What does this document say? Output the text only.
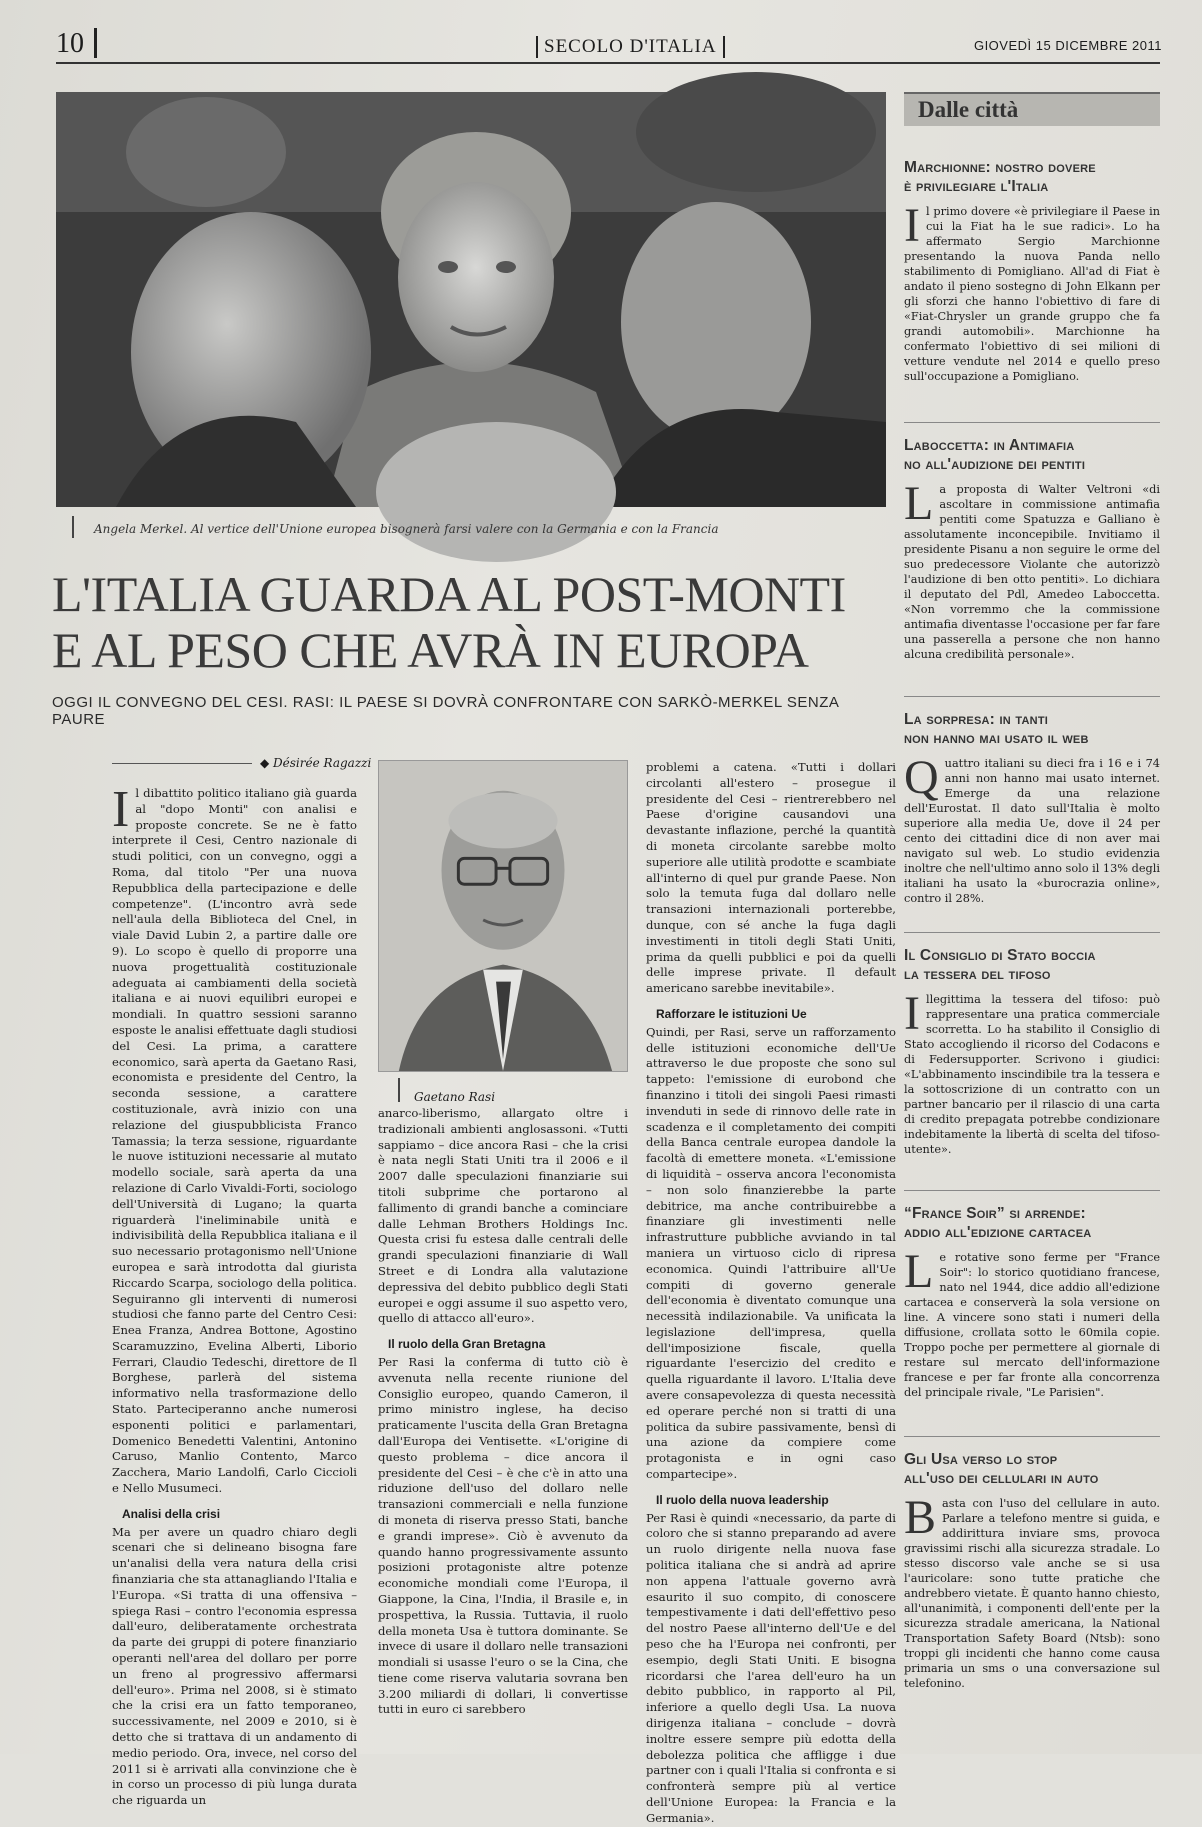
10	SECOLO D'ITALIA	GIOVEDÌ 15 DICEMBRE 2011
Angela Merkel. Al vertice dell'Unione europea bisognerà farsi valere con la Germania e con la Francia
L'ITALIA GUARDA AL POST-MONTI
E AL PESO CHE AVRÀ IN EUROPA
OGGI IL CONVEGNO DEL CESI. RASI: IL PAESE SI DOVRÀ CONFRONTARE CON SARKÒ-MERKEL SENZA PAURE
◆ Désirée Ragazzi

Il dibattito politico italiano già guarda al "dopo Monti" con analisi e proposte concrete. Se ne è fatto interprete il Cesi, Centro nazionale di studi politici, con un convegno, oggi a Roma, dal titolo "Per una nuova Repubblica della partecipazione e delle competenze". (L'incontro avrà sede nell'aula della Biblioteca del Cnel, in viale David Lubin 2, a partire dalle ore 9). Lo scopo è quello di proporre una nuova progettualità costituzionale adeguata ai cambiamenti della società italiana e ai nuovi equilibri europei e mondiali. In quattro sessioni saranno esposte le analisi effettuate dagli studiosi del Cesi. La prima, a carattere economico, sarà aperta da Gaetano Rasi, economista e presidente del Centro, la seconda sessione, a carattere costituzionale, avrà inizio con una relazione del giuspubblicista Franco Tamassia; la terza sessione, riguardante le nuove istituzioni necessarie al mutato modello sociale, sarà aperta da una relazione di Carlo Vivaldi-Forti, sociologo dell'Università di Lugano; la quarta riguarderà l'ineliminabile unità e indivisibilità della Repubblica italiana e il suo necessario protagonismo nell'Unione europea e sarà introdotta dal giurista Riccardo Scarpa, sociologo della politica. Seguiranno gli interventi di numerosi studiosi che fanno parte del Centro Cesi: Enea Franza, Andrea Bottone, Agostino Scaramuzzino, Evelina Alberti, Liborio Ferrari, Claudio Tedeschi, direttore de Il Borghese, parlerà del sistema informativo nella trasformazione dello Stato. Parteciperanno anche numerosi esponenti politici e parlamentari, Domenico Benedetti Valentini, Antonino Caruso, Manlio Contento, Marco Zacchera, Mario Landolfi, Carlo Ciccioli e Nello Musumeci.

Analisi della crisi

Ma per avere un quadro chiaro degli scenari che si delineano bisogna fare un'analisi della vera natura della crisi finanziaria che sta attanagliando l'Italia e l'Europa. «Si tratta di una offensiva – spiega Rasi – contro l'economia espressa dall'euro, deliberatamente orchestrata da parte dei gruppi di potere finanziario operanti nell'area del dollaro per porre un freno al progressivo affermarsi dell'euro». Prima nel 2008, si è stimato che la crisi era un fatto temporaneo, successivamente, nel 2009 e 2010, si è detto che si trattava di un andamento di medio periodo. Ora, invece, nel corso del 2011 si è arrivati alla convinzione che è in corso un processo di più lunga durata che riguarda un

Gaetano Rasi

anarco-liberismo, allargato oltre i tradizionali ambienti anglosassoni. «Tutti sappiamo – dice ancora Rasi – che la crisi è nata negli Stati Uniti tra il 2006 e il 2007 dalle speculazioni finanziarie sui titoli subprime che portarono al fallimento di grandi banche a cominciare dalle Lehman Brothers Holdings Inc. Questa crisi fu estesa dalle centrali delle grandi speculazioni finanziarie di Wall Street e di Londra alla valutazione depressiva del debito pubblico degli Stati europei e oggi assume il suo aspetto vero, quello di attacco all'euro».

Il ruolo della Gran Bretagna

Per Rasi la conferma di tutto ciò è avvenuta nella recente riunione del Consiglio europeo, quando Cameron, il primo ministro inglese, ha deciso praticamente l'uscita della Gran Bretagna dall'Europa dei Ventisette. «L'origine di questo problema – dice ancora il presidente del Cesi – è che c'è in atto una riduzione dell'uso del dollaro nelle transazioni commerciali e nella funzione di moneta di riserva presso Stati, banche e grandi imprese». Ciò è avvenuto da quando hanno progressivamente assunto posizioni protagoniste altre potenze economiche mondiali come l'Europa, il Giappone, la Cina, l'India, il Brasile e, in prospettiva, la Russia. Tuttavia, il ruolo della moneta Usa è tuttora dominante. Se invece di usare il dollaro nelle transazioni mondiali si usasse l'euro o se la Cina, che tiene come riserva valutaria sovrana ben 3.200 miliardi di dollari, li convertisse tutti in euro ci sarebbero

problemi a catena. «Tutti i dollari circolanti all'estero – prosegue il presidente del Cesi – rientrerebbero nel Paese d'origine causandovi una devastante inflazione, perché la quantità di moneta circolante sarebbe molto superiore alle utilità prodotte e scambiate all'interno di quel pur grande Paese. Non solo la temuta fuga dal dollaro nelle transazioni internazionali porterebbe, dunque, con sé anche la fuga dagli investimenti in titoli degli Stati Uniti, prima da quelli pubblici e poi da quelli delle imprese private. Il default americano sarebbe inevitabile».

Rafforzare le istituzioni Ue

Quindi, per Rasi, serve un rafforzamento delle istituzioni economiche dell'Ue attraverso le due proposte che sono sul tappeto: l'emissione di eurobond che finanzino i titoli dei singoli Paesi rimasti invenduti in sede di rinnovo delle rate in scadenza e il completamento dei compiti della Banca centrale europea dandole la facoltà di emettere moneta. «L'emissione di liquidità – osserva ancora l'economista – non solo finanzierebbe la parte debitrice, ma anche contribuirebbe a finanziare gli investimenti nelle infrastrutture pubbliche avviando in tal maniera un virtuoso ciclo di ripresa economica. Quindi l'attribuire all'Ue compiti di governo generale dell'economia è diventato comunque una necessità indilazionabile. Va unificata la legislazione dell'impresa, quella dell'imposizione fiscale, quella riguardante l'esercizio del credito e quella riguardante il lavoro. L'Italia deve avere consapevolezza di questa necessità ed operare perché non si tratti di una politica da subire passivamente, bensì di una azione da compiere come protagonista e in ogni caso compartecipe».

Il ruolo della nuova leadership

Per Rasi è quindi «necessario, da parte di coloro che si stanno preparando ad avere un ruolo dirigente nella nuova fase politica italiana che si andrà ad aprire non appena l'attuale governo avrà esaurito il suo compito, di conoscere tempestivamente i dati dell'effettivo peso del nostro Paese all'interno dell'Ue e del peso che ha l'Europa nei confronti, per esempio, degli Stati Uniti. E bisogna ricordarsi che l'area dell'euro ha un debito pubblico, in rapporto al Pil, inferiore a quello degli Usa. La nuova dirigenza italiana – conclude – dovrà inoltre essere sempre più edotta della debolezza politica che affligge i due partner con i quali l'Italia si confronta e si confronterà sempre più al vertice dell'Unione Europea: la Francia e la Germania».

Dalle città
Marchionne: nostro dovere
è privilegiare l'Italia

Il primo dovere «è privilegiare il Paese in cui la Fiat ha le sue radici». Lo ha affermato Sergio Marchionne presentando la nuova Panda nello stabilimento di Pomigliano. All'ad di Fiat è andato il pieno sostegno di John Elkann per gli sforzi che hanno l'obiettivo di fare di «Fiat-Chrysler un grande gruppo che fa grandi automobili». Marchionne ha confermato l'obiettivo di sei milioni di vetture vendute nel 2014 e quello preso sull'occupazione a Pomigliano.

Laboccetta: in Antimafia
no all'audizione dei pentiti

La proposta di Walter Veltroni «di ascoltare in commissione antimafia pentiti come Spatuzza e Galliano è assolutamente inconcepibile. Invitiamo il presidente Pisanu a non seguire le orme del suo predecessore Violante che autorizzò l'audizione di ben otto pentiti». Lo dichiara il deputato del Pdl, Amedeo Laboccetta. «Non vorremmo che la commissione antimafia diventasse l'occasione per far fare una passerella a persone che non hanno alcuna credibilità personale».

La sorpresa: in tanti
non hanno mai usato il web

Quattro italiani su dieci fra i 16 e i 74 anni non hanno mai usato internet. Emerge da una relazione dell'Eurostat. Il dato sull'Italia è molto superiore alla media Ue, dove il 24 per cento dei cittadini dice di non aver mai navigato sul web. Lo studio evidenzia inoltre che nell'ultimo anno solo il 13% degli italiani ha usato la «burocrazia online», contro il 28%.

Il Consiglio di Stato boccia
la tessera del tifoso

Illegittima la tessera del tifoso: può rappresentare una pratica commerciale scorretta. Lo ha stabilito il Consiglio di Stato accogliendo il ricorso del Codacons e di Federsupporter. Scrivono i giudici: «L'abbinamento inscindibile tra la tessera e la sottoscrizione di un contratto con un partner bancario per il rilascio di una carta di credito prepagata potrebbe condizionare indebitamente la libertà di scelta del tifoso-utente».

“France Soir” si arrende:
addio all'edizione cartacea

Le rotative sono ferme per "France Soir": lo storico quotidiano francese, nato nel 1944, dice addio all'edizione cartacea e conserverà la sola versione on line. A vincere sono stati i numeri della diffusione, crollata sotto le 60mila copie. Troppo poche per permettere al giornale di restare sul mercato dell'informazione francese e per far fronte alla concorrenza del principale rivale, "Le Parisien".

Gli Usa verso lo stop
all'uso dei cellulari in auto

Basta con l'uso del cellulare in auto. Parlare a telefono mentre si guida, e addirittura inviare sms, provoca gravissimi rischi alla sicurezza stradale. Lo stesso discorso vale anche se si usa l'auricolare: sono tutte pratiche che andrebbero vietate. È quanto hanno chiesto, all'unanimità, i componenti dell'ente per la sicurezza stradale americana, la National Transportation Safety Board (Ntsb): sono troppi gli incidenti che hanno come causa primaria un sms o una conversazione sul telefonino.
